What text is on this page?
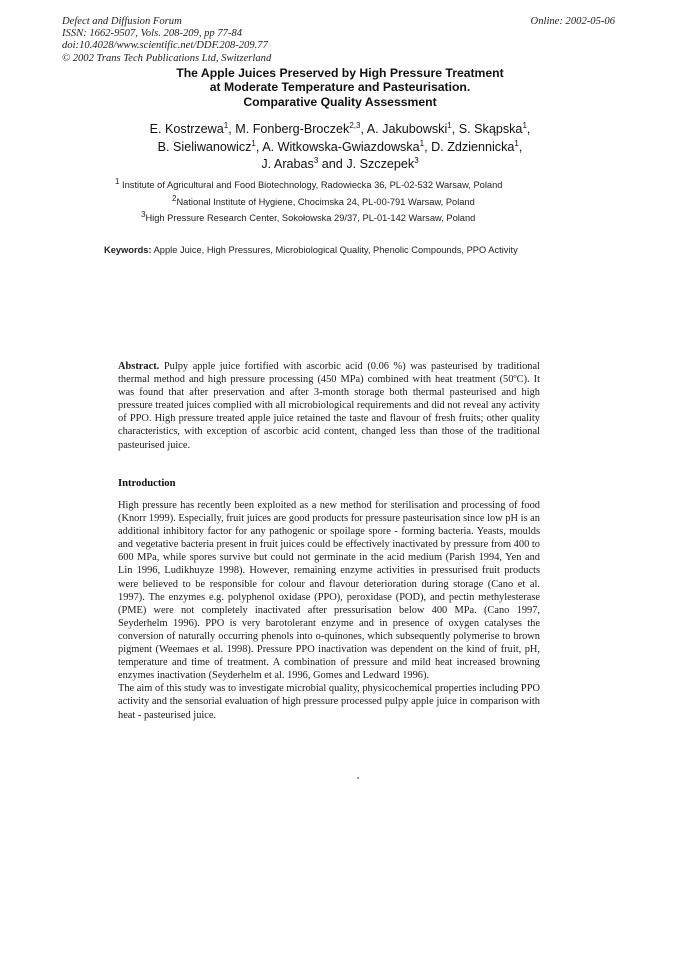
Defect and Diffusion Forum
ISSN: 1662-9507, Vols. 208-209, pp 77-84
doi:10.4028/www.scientific.net/DDF.208-209.77
© 2002 Trans Tech Publications Ltd, Switzerland
Online: 2002-05-06
The Apple Juices Preserved by High Pressure Treatment
at Moderate Temperature and Pasteurisation.
Comparative Quality Assessment
E. Kostrzewa$^1$, M. Fonberg-Broczek$^{2,3}$, A. Jakubowski$^1$, S. Skąpska$^1$,
B. Sieliwanowicz$^1$, A. Witkowska-Gwiazdowska$^1$, D. Zdziennicka$^1$,
J. Arabas$^3$ and J. Szczepek$^3$
$^1$ Institute of Agricultural and Food Biotechnology, Radowiecka 36, PL-02-532 Warsaw, Poland
$^2$National Institute of Hygiene, Chocimska 24, PL-00-791 Warsaw, Poland
$^3$High Pressure Research Center, Sokołowska 29/37, PL-01-142 Warsaw, Poland
Keywords: Apple Juice, High Pressures, Microbiological Quality, Phenolic Compounds, PPO Activity
Abstract. Pulpy apple juice fortified with ascorbic acid (0.06 %) was pasteurised by traditional thermal method and high pressure processing (450 MPa) combined with heat treatment (50ºC). It was found that after preservation and after 3-month storage both thermal pasteurised and high pressure treated juices complied with all microbiological requirements and did not reveal any activity of PPO. High pressure treated apple juice retained the taste and flavour of fresh fruits; other quality characteristics, with exception of ascorbic acid content, changed less than those of the traditional pasteurised juice.
Introduction

High pressure has recently been exploited as a new method for sterilisation and processing of food (Knorr 1999). Especially, fruit juices are good products for pressure pasteurisation since low pH is an additional inhibitory factor for any pathogenic or spoilage spore - forming bacteria. Yeasts, moulds and vegetative bacteria present in fruit juices could be effectively inactivated by pressure from 400 to 600 MPa, while spores survive but could not germinate in the acid medium (Parish 1994, Yen and Lin 1996, Ludikhuyze 1998). However, remaining enzyme activities in pressurised fruit products were believed to be responsible for colour and flavour deterioration during storage (Cano et al. 1997). The enzymes e.g. polyphenol oxidase (PPO), peroxidase (POD), and pectin methylesterase (PME) were not completely inactivated after pressurisation below 400 MPa. (Cano 1997, Seyderhelm 1996). PPO is very barotolerant enzyme and in presence of oxygen catalyses the conversion of naturally occurring phenols into o-quinones, which subsequently polymerise to brown pigment (Weemaes et al. 1998). Pressure PPO inactivation was dependent on the kind of fruit, pH, temperature and time of treatment. A combination of pressure and mild heat increased browning enzymes inactivation (Seyderhelm et al. 1996, Gomes and Ledward 1996).

The aim of this study was to investigate microbial quality, physicochemical properties including PPO activity and the sensorial evaluation of high pressure processed pulpy apple juice in comparison with heat - pasteurised juice.
